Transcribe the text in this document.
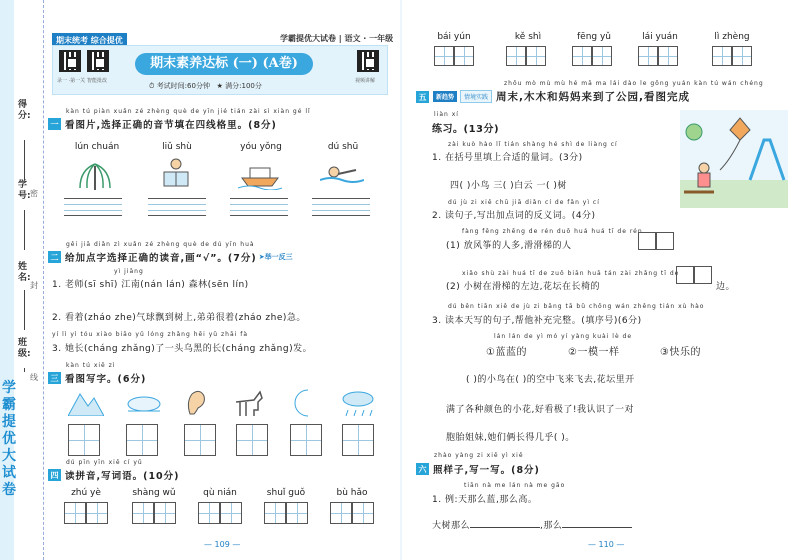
学霸提优大试卷
得分:
学号:
姓名:
班级:
密
封
线
期末统考 综合提优	学霸提优大试卷 | 语文 · 一年级
录一 ·第一关 智能批改
期末素养达标 (一) (A卷)
视频讲解
⏱ 考试时间:60分钟 ★ 满分:100分
kàn tú piàn xuǎn zé zhèng què de yīn jié tián zài sì xiàn gé lǐ
一 看图片,选择正确的音节填在四线格里。(8分)
lún chuán	liǔ shù	yóu yǒng	dú shū
gěi jiā diǎn zì xuǎn zé zhèng què de dú yīn huà
二 给加点字选择正确的读音,画“√”。(7分) ➤举一反三
yì jiāng
1. 老师(sī shī) 江南(nán lán) 森林(sēn lín)
2. 看着(zháo zhe)气球飘到树上,弟弟很着(zháo zhe)急。
yí lì yì tóu xiào biāo yǔ lóng zhǎng hēi yǔ zhāi fà
3. 她长(cháng zhǎng)了一头乌黑的长(cháng zhǎng)发。
kàn tú xiě zì
三 看图写字。(6分)
dú pīn yīn xiě cí yǔ
四 读拼音,写词语。(10分)
zhú yè	shàng wǔ	qù nián	shuǐ guǒ	bù hǎo
— 109 —
bái yún	kě shì	fēng yǔ	lái yuán	lì zhèng
zhōu mò mù mù hé mā ma lái dào le gōng yuán kàn tú wán chéng
五	新趋势	情境实践 周末,木木和妈妈来到了公园,看图完成
liàn xí
练习。(13分)
zài kuò hào lǐ tián shàng hé shì de liàng cí
1. 在括号里填上合适的量词。(3分)
四( )小鸟 三( )白云 一( )树
dú jù zi xiě chū jiā diǎn cí de fǎn yì cí
2. 读句子,写出加点词的反义词。(4分)
fàng fēng zhēng de rén duō huá huá tī de rén
(1) 放风筝的人多,滑滑梯的人
xiǎo shù zài huá tī de zuǒ biān huā tán zài zhǎng tī de
(2) 小树在滑梯的左边,花坛在长椅的	边。
dú běn tiān xiě de jù zi bāng tā bǔ chōng wán zhěng tián xù hào
3. 读本天写的句子,帮他补充完整。(填序号)(6分)
lán lán de yì mó yí yàng kuài lè de
①蓝蓝的	②一模一样	③快乐的
( )的小鸟在( )的空中飞来飞去,花坛里开
满了各种颜色的小花,好看极了!我认识了一对
胞胎姐妹,她们俩长得几乎( )。
zhào yàng zi xiě yì xiě
六 照样子,写一写。(8分)
tiān nà me lán nà me gāo
1. 例:天那么蓝,那么高。
大树那么	,那么
— 110 —
